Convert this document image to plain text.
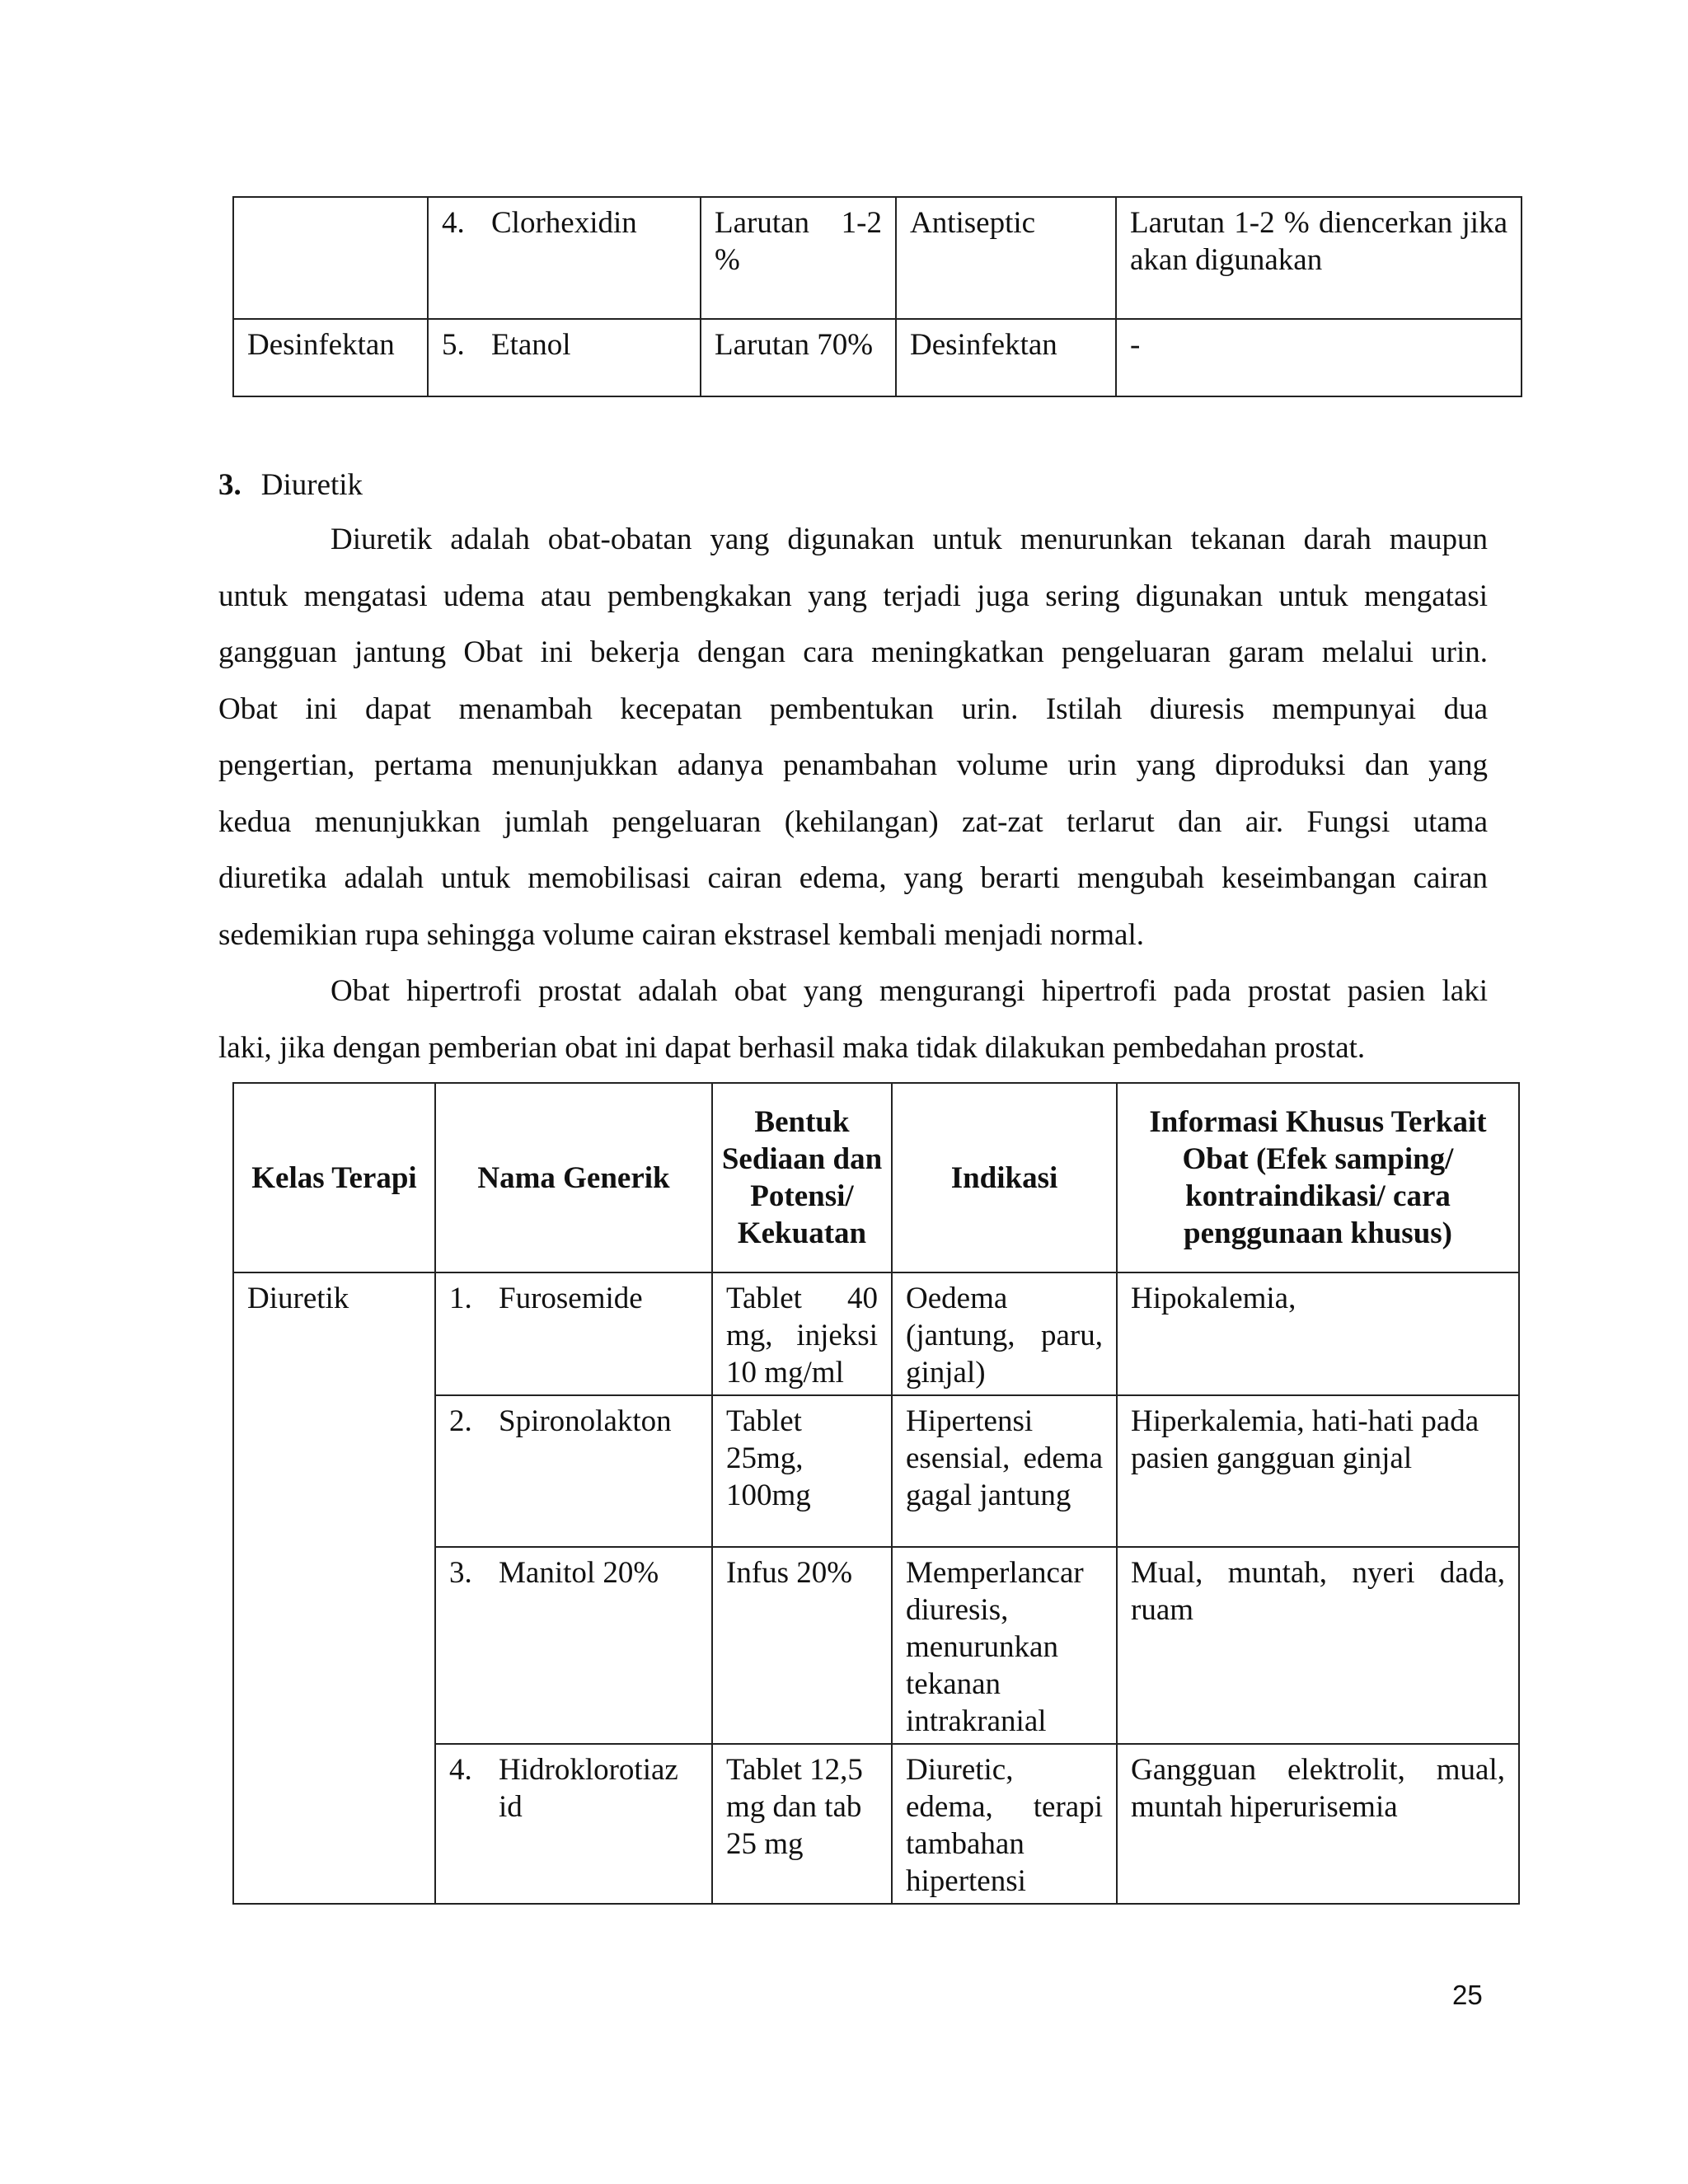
	4. Clorhexidin	Larutan 1-2 %	Antiseptic	Larutan 1-2 % diencerkan jika akan digunakan
Desinfektan	5. Etanol	Larutan 70%	Desinfektan	-
3. Diuretik
Diuretik adalah obat-obatan yang digunakan untuk menurunkan tekanan darah maupun
untuk mengatasi udema atau pembengkakan yang terjadi juga sering digunakan untuk mengatasi
gangguan jantung Obat ini bekerja dengan cara meningkatkan pengeluaran garam melalui urin.
Obat ini dapat menambah kecepatan pembentukan urin. Istilah diuresis mempunyai dua
pengertian, pertama menunjukkan adanya penambahan volume urin yang diproduksi dan yang
kedua menunjukkan jumlah pengeluaran (kehilangan) zat-zat terlarut dan air. Fungsi utama
diuretika adalah untuk memobilisasi cairan edema, yang berarti mengubah keseimbangan cairan
sedemikian rupa sehingga volume cairan ekstrasel kembali menjadi normal.
Obat hipertrofi prostat adalah obat yang mengurangi hipertrofi pada prostat pasien laki
laki, jika dengan pemberian obat ini dapat berhasil maka tidak dilakukan pembedahan prostat.
Kelas Terapi	Nama Generik	Bentuk Sediaan dan Potensi/ Kekuatan	Indikasi	Informasi Khusus Terkait Obat (Efek samping/ kontraindikasi/ cara penggunaan khusus)
Diuretik	1. Furosemide	Tablet 40 mg, injeksi 10 mg/ml	Oedema (jantung, paru, ginjal)	Hipokalemia,

	2. Spironolakton	Tablet 25mg, 100mg	Hipertensi esensial, edema gagal jantung	Hiperkalemia, hati-hati pada pasien gangguan ginjal

	3. Manitol 20%	Infus 20%	Memperlancar diuresis, menurunkan tekanan intrakranial	Mual, muntah, nyeri dada, ruam

	4. Hidroklorotiaz id	Tablet 12,5 mg dan tab 25 mg	Diuretic, edema, terapi tambahan hipertensi	Gangguan elektrolit, mual, muntah hiperurisemia
25
